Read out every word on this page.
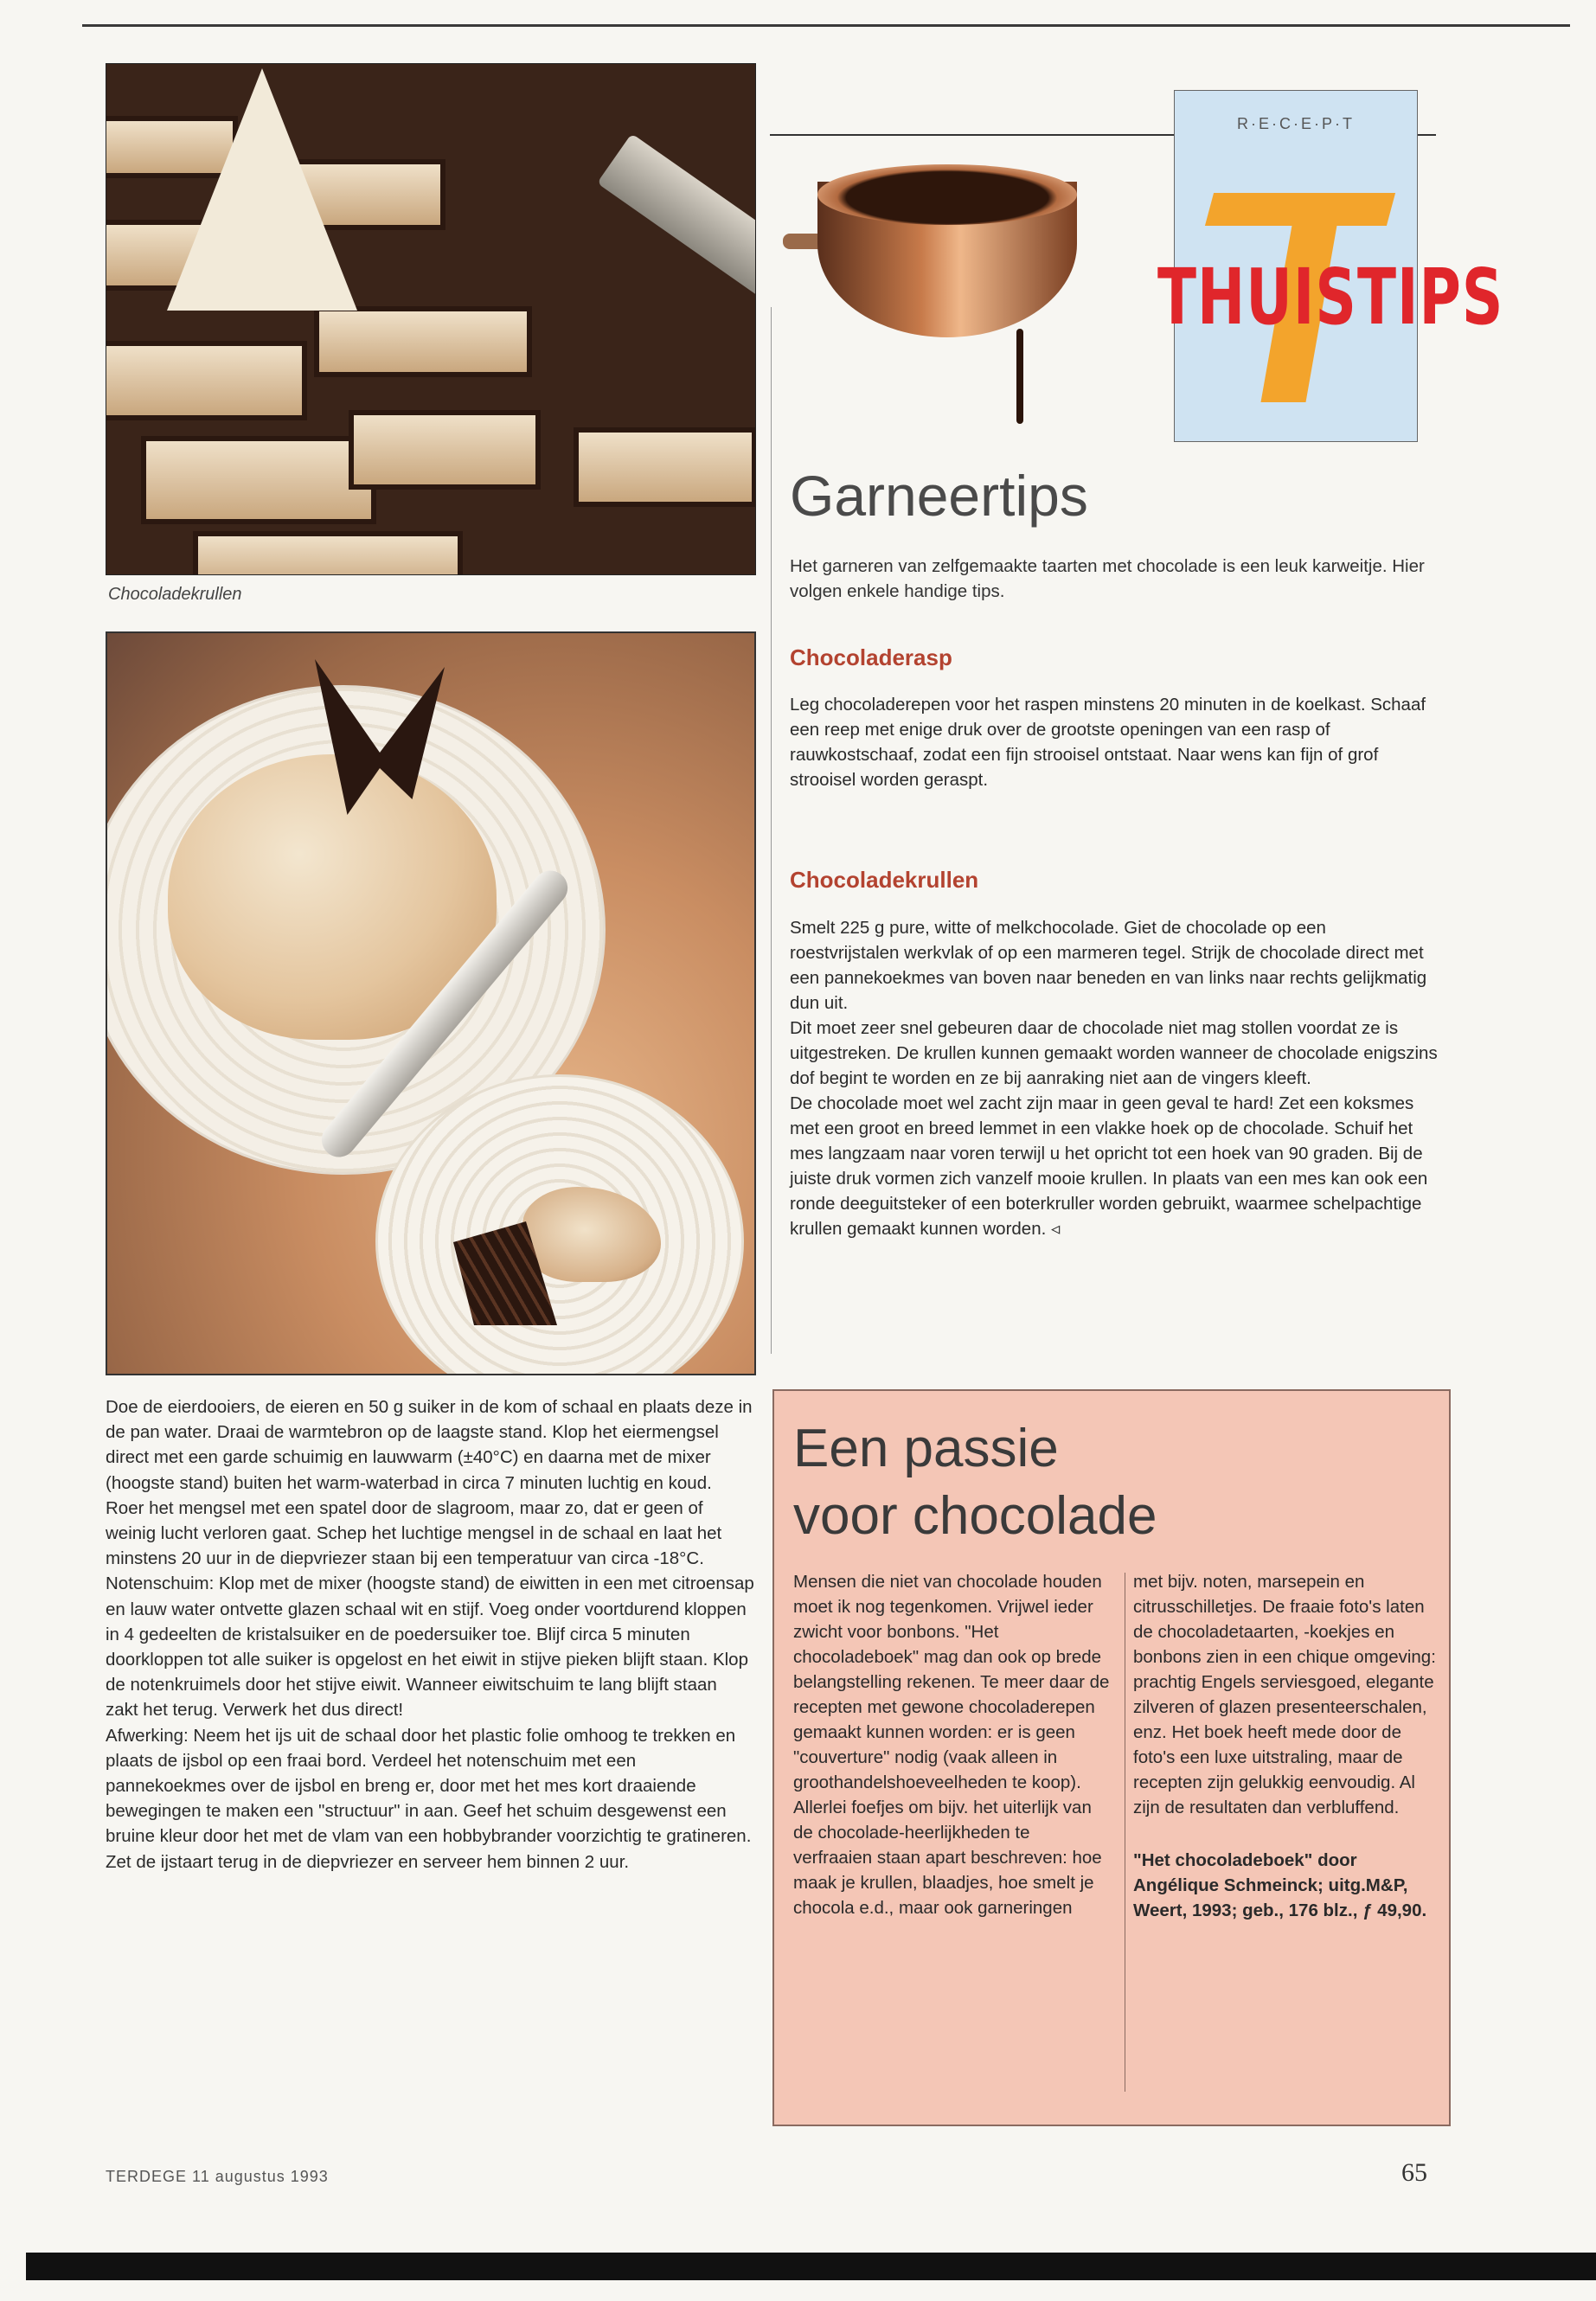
Chocoladekrullen

Doe de eierdooiers, de eieren en 50 g suiker in de kom of schaal en plaats deze in de pan water. Draai de warmtebron op de laagste stand. Klop het eiermengsel direct met een garde schuimig en lauwwarm (±40°C) en daarna met de mixer (hoogste stand) buiten het warm-waterbad in circa 7 minuten luchtig en koud.

Roer het mengsel met een spatel door de slagroom, maar zo, dat er geen of weinig lucht verloren gaat. Schep het luchtige mengsel in de schaal en laat het minstens 20 uur in de diepvriezer staan bij een temperatuur van circa -18°C.

Notenschuim: Klop met de mixer (hoogste stand) de eiwitten in een met citroensap en lauw water ontvette glazen schaal wit en stijf. Voeg onder voortdurend kloppen in 4 gedeelten de kristalsuiker en de poedersuiker toe. Blijf circa 5 minuten doorkloppen tot alle suiker is opgelost en het eiwit in stijve pieken blijft staan. Klop de notenkruimels door het stijve eiwit. Wanneer eiwitschuim te lang blijft staan zakt het terug. Verwerk het dus direct!

Afwerking: Neem het ijs uit de schaal door het plastic folie omhoog te trekken en plaats de ijsbol op een fraai bord. Verdeel het notenschuim met een pannekoekmes over de ijsbol en breng er, door met het mes kort draaiende bewegingen te maken een "structuur" in aan. Geef het schuim desgewenst een bruine kleur door het met de vlam van een hobbybrander voorzichtig te gratineren. Zet de ijstaart terug in de diepvriezer en serveer hem binnen 2 uur.

R·E·C·E·P·T
THUISTIPS
Garneertips
Het garneren van zelfgemaakte taarten met chocolade is een leuk karweitje. Hier volgen enkele handige tips.
Chocoladerasp
Leg chocoladerepen voor het raspen minstens 20 minuten in de koelkast. Schaaf een reep met enige druk over de grootste openingen van een rasp of rauwkostschaaf, zodat een fijn strooisel ontstaat. Naar wens kan fijn of grof strooisel worden geraspt.
Chocoladekrullen

Smelt 225 g pure, witte of melkchocolade. Giet de chocolade op een roestvrijstalen werkvlak of op een marmeren tegel. Strijk de chocolade direct met een pannekoekmes van boven naar beneden en van links naar rechts gelijkmatig dun uit.

Dit moet zeer snel gebeuren daar de chocolade niet mag stollen voordat ze is uitgestreken. De krullen kunnen gemaakt worden wanneer de chocolade enigszins dof begint te worden en ze bij aanraking niet aan de vingers kleeft.

De chocolade moet wel zacht zijn maar in geen geval te hard! Zet een koksmes met een groot en breed lemmet in een vlakke hoek op de chocolade. Schuif het mes langzaam naar voren terwijl u het opricht tot een hoek van 90 graden. Bij de juiste druk vormen zich vanzelf mooie krullen. In plaats van een mes kan ook een ronde deeguitsteker of een boterkruller worden gebruikt, waarmee schelpachtige krullen gemaakt kunnen worden. ◃

Een passie
voor chocolade
Mensen die niet van chocolade houden moet ik nog tegenkomen. Vrijwel ieder zwicht voor bonbons. "Het chocoladeboek" mag dan ook op brede belangstelling rekenen. Te meer daar de recepten met gewone chocoladerepen gemaakt kunnen worden: er is geen "couverture" nodig (vaak alleen in groothandelshoeveelheden te koop). Allerlei foefjes om bijv. het uiterlijk van de chocolade-heerlijkheden te verfraaien staan apart beschreven: hoe maak je krullen, blaadjes, hoe smelt je chocola e.d., maar ook garneringen
met bijv. noten, marsepein en citrusschilletjes. De fraaie foto's laten de chocoladetaarten, -koekjes en bonbons zien in een chique omgeving: prachtig Engels serviesgoed, elegante zilveren of glazen presenteerschalen, enz. Het boek heeft mede door de foto's een luxe uitstraling, maar de recepten zijn gelukkig eenvoudig. Al zijn de resultaten dan verbluffend.
"Het chocoladeboek" door Angélique Schmeinck; uitg.M&P, Weert, 1993; geb., 176 blz., ƒ 49,90.
TERDEGE 11 augustus 1993	65
